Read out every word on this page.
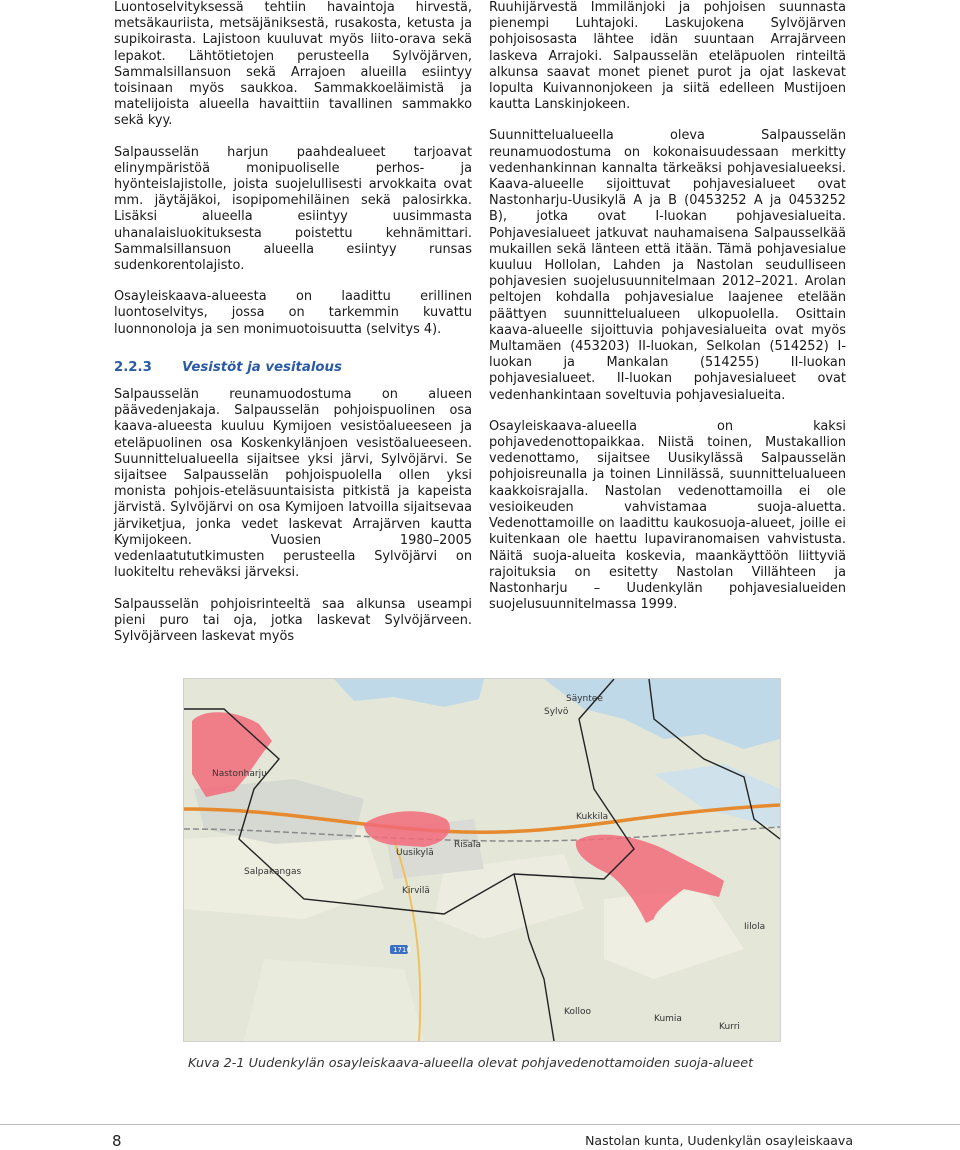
Luontoselvityksessä tehtiin havaintoja hirvestä, metsäkauriista, metsäjäniksestä, rusakosta, ketusta ja supikoirasta. Lajistoon kuuluvat myös liito-orava sekä lepakot. Lähtötietojen perusteella Sylvöjärven, Sammalsillansuon sekä Arrajoen alueilla esiintyy toisinaan myös saukkoa. Sammakkoeläimistä ja matelijoista alueella havaittiin tavallinen sammakko sekä kyy.

Salpausselän harjun paahdealueet tarjoavat elinympäristöä monipuoliselle perhos- ja hyönteislajistolle, joista suojelullisesti arvokkaita ovat mm. jäytäjäkoi, isopipomehiläinen sekä palosirkka. Lisäksi alueella esiintyy uusimmasta uhanalaisluokituksesta poistettu kehnämittari. Sammalsillansuon alueella esiintyy runsas sudenkorentolajisto.

Osayleiskaava-alueesta on laadittu erillinen luontoselvitys, jossa on tarkemmin kuvattu luonnonoloja ja sen monimuotoisuutta (selvitys 4).

2.2.3 Vesistöt ja vesitalous

Salpausselän reunamuodostuma on alueen päävedenjakaja. Salpausselän pohjoispuolinen osa kaava-alueesta kuuluu Kymijoen vesistöalueeseen ja eteläpuolinen osa Koskenkylänjoen vesistöalueeseen. Suunnittelualueella sijaitsee yksi järvi, Sylvöjärvi. Se sijaitsee Salpausselän pohjoispuolella ollen yksi monista pohjois-eteläsuuntaisista pitkistä ja kapeista järvistä. Sylvöjärvi on osa Kymijoen latvoilla sijaitsevaa järviketjua, jonka vedet laskevat Arrajärven kautta Kymijokeen. Vuosien 1980–2005 vedenlaatututkimusten perusteella Sylvöjärvi on luokiteltu reheväksi järveksi.

Salpausselän pohjoisrinteeltä saa alkunsa useampi pieni puro tai oja, jotka laskevat Sylvöjärveen. Sylvöjärveen laskevat myös

Ruuhijärvestä Immilänjoki ja pohjoisen suunnasta pienempi Luhtajoki. Laskujokena Sylvöjärven pohjoisosasta lähtee idän suuntaan Arrajärveen laskeva Arrajoki. Salpausselän eteläpuolen rinteiltä alkunsa saavat monet pienet purot ja ojat laskevat lopulta Kuivannonjokeen ja siitä edelleen Mustijoen kautta Lanskinjokeen.

Suunnittelualueella oleva Salpausselän reunamuodostuma on kokonaisuudessaan merkitty vedenhankinnan kannalta tärkeäksi pohjavesialueeksi. Kaava-alueelle sijoittuvat pohjavesialueet ovat Nastonharju-Uusikylä A ja B (0453252 A ja 0453252 B), jotka ovat I-luokan pohjavesialueita. Pohjavesialueet jatkuvat nauhamaisena Salpausselkää mukaillen sekä länteen että itään. Tämä pohjavesialue kuuluu Hollolan, Lahden ja Nastolan seudulliseen pohjavesien suojelusuunnitelmaan 2012–2021. Arolan peltojen kohdalla pohjavesialue laajenee etelään päättyen suunnittelualueen ulkopuolella. Osittain kaava-alueelle sijoittuvia pohjavesialueita ovat myös Multamäen (453203) II-luokan, Selkolan (514252) I-luokan ja Mankalan (514255) II-luokan pohjavesialueet. II-luokan pohjavesialueet ovat vedenhankintaan soveltuvia pohjavesialueita.

Osayleiskaava-alueella on kaksi pohjavedenottopaikkaa. Niistä toinen, Mustakallion vedenottamo, sijaitsee Uusikylässä Salpausselän pohjoisreunalla ja toinen Linnilässä, suunnittelualueen kaakkoisrajalla. Nastolan vedenottamoilla ei ole vesioikeuden vahvistamaa suoja-aluetta. Vedenottamoille on laadittu kaukosuoja-alueet, joille ei kuitenkaan ole haettu lupaviranomaisen vahvistusta. Näitä suoja-alueita koskevia, maankäyttöön liittyviä rajoituksia on esitetty Nastolan Villähteen ja Nastonharju – Uudenkylän pohjavesialueiden suojelusuunnitelmassa 1999.

1716
Nastonharju
Uusikylä
Salpakangas
Sylvö
Säyntee
Kirvilä
Risala
Kukkila
Kumia
Kurri
Kolloo
Iilola

Kuva 2-1 Uudenkylän osayleiskaava-alueella olevat pohjavedenottamoiden suoja-alueet

8	Nastolan kunta, Uudenkylän osayleiskaava
